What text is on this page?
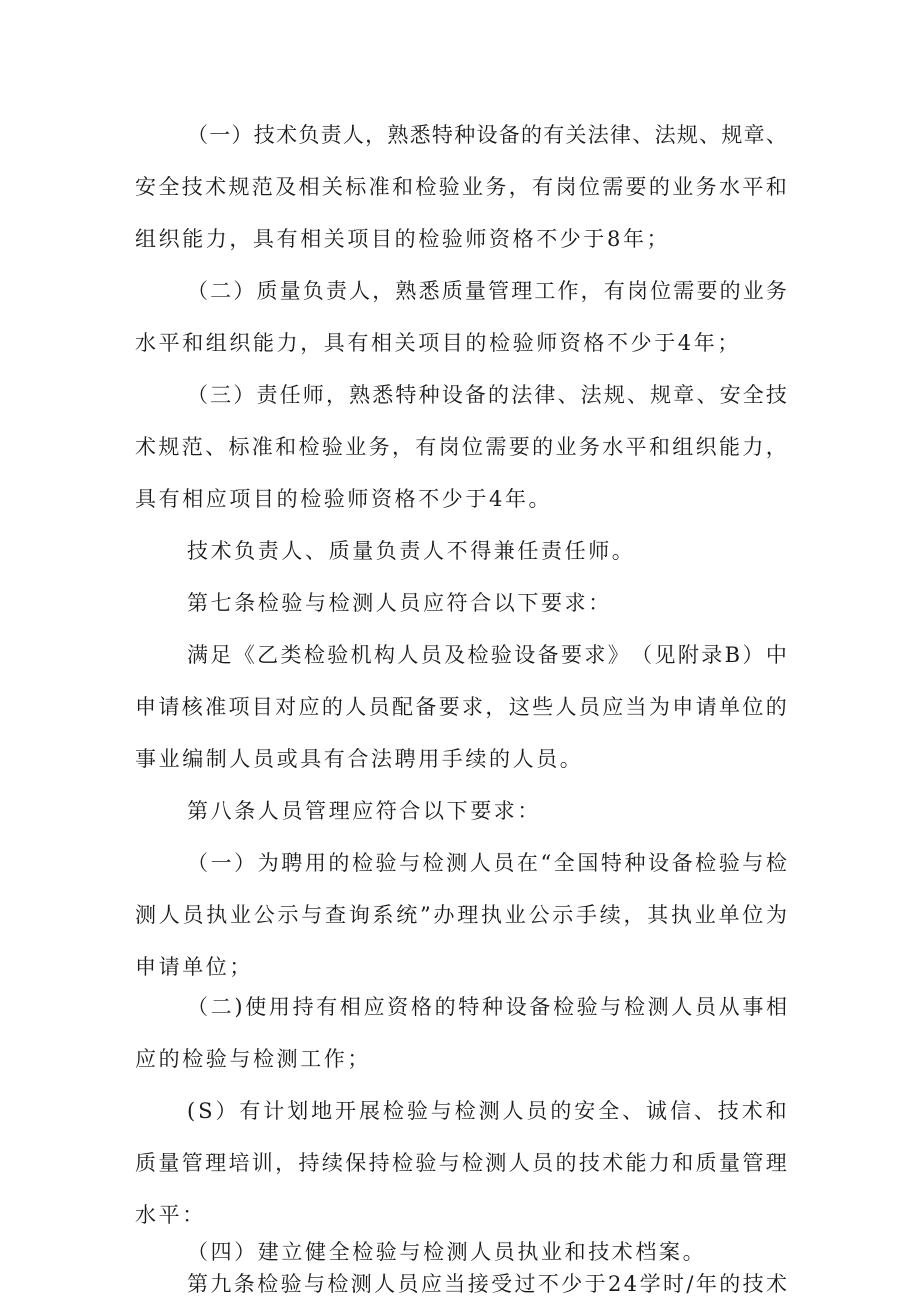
（ 一 ） 技 术 负 责 人 ， 熟 悉 特 种 设 备 的 有 关 法 律 、 法 规 、 规 章 、
安 全 技 术 规 范 及 相 关 标 准 和 检 验 业 务 ， 有 岗 位 需 要 的 业 务 水 平 和
组织能力，具有相关项目的检验师资格不少于8年；
（ 二 ） 质 量 负 责 人 ， 熟 悉 质 量 管 理 工 作 ， 有 岗 位 需 要 的 业 务
水平和组织能力，具有相关项目的检验师资格不少于4年；
（ 三 ） 责 任 师 ， 熟 悉 特 种 设 备 的 法 律 、 法 规 、 规 章 、 安 全 技
术 规 范 、 标 准 和 检 验 业 务 ， 有 岗 位 需 要 的 业 务 水 平 和 组 织 能 力 ，
具有相应项目的检验师资格不少于4年。
技术负责人、质量负责人不得兼任责任师。
第七条检验与检测人员应符合以下要求：
满 足 《 乙 类 检 验 机 构 人 员 及 检 验 设 备 要 求 》 （ 见 附 录 B ） 中
申 请 核 准 项 目 对 应 的 人 员 配 备 要 求 ， 这 些 人 员 应 当 为 申 请 单 位 的
事业编制人员或具有合法聘用手续的人员。
第八条人员管理应符合以下要求：
（ 一 ） 为 聘 用 的 检 验 与 检 测 人 员 在 “ 全 国 特 种 设 备 检 验 与 检
测 人 员 执 业 公 示 与 查 询 系 统 ” 办 理 执 业 公 示 手 续 ， 其 执 业 单 位 为
申请单位；
（ 二 ) 使 用 持 有 相 应 资 格 的 特 种 设 备 检 验 与 检 测 人 员 从 事 相
应的检验与检测工作；
( S ） 有 计 划 地 开 展 检 验 与 检 测 人 员 的 安 全 、 诚 信 、 技 术 和
质 量 管 理 培 训 ， 持 续 保 持 检 验 与 检 测 人 员 的 技 术 能 力 和 质 量 管 理
水平：
（四）建立健全检验与检测人员执业和技术档案。
第 九 条 检 验 与 检 测 人 员 应 当 接 受 过 不 少 于 2 4 学 时 / 年 的 技 术
